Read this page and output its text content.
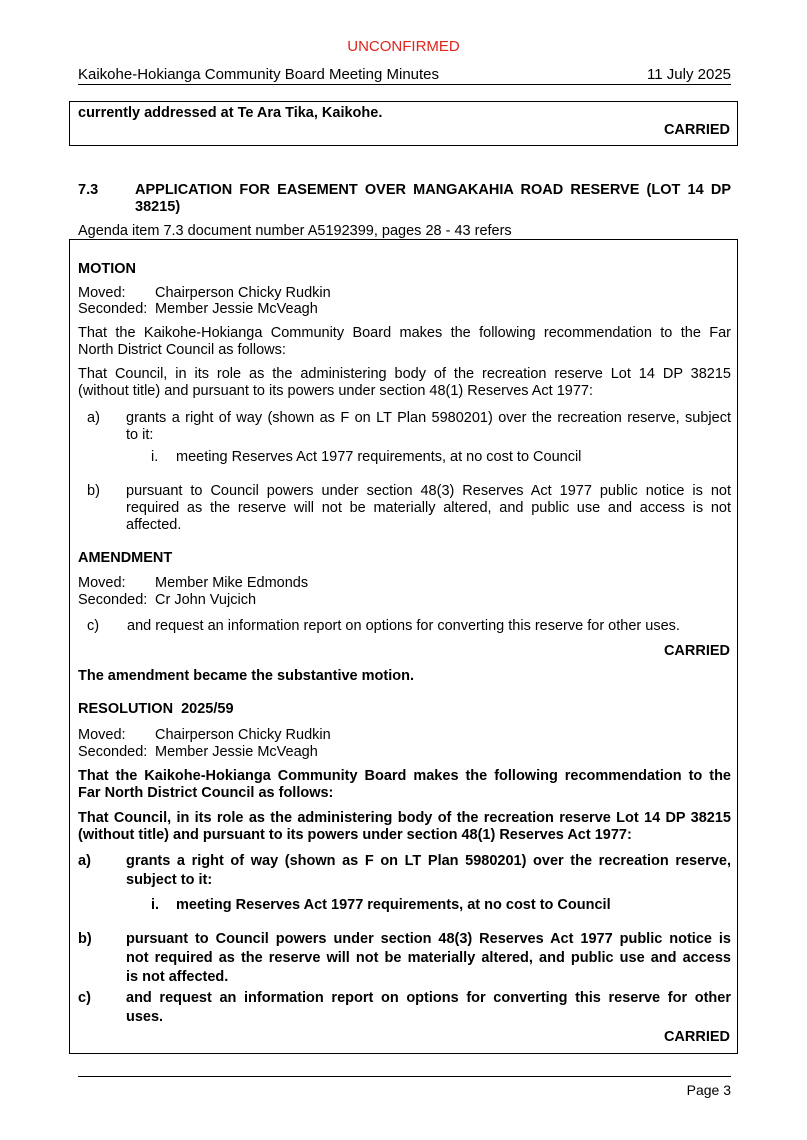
UNCONFIRMED
Kaikohe-Hokianga Community Board Meeting Minutes	11 July 2025
currently addressed at Te Ara Tika, Kaikohe.
CARRIED
7.3	APPLICATION FOR EASEMENT OVER MANGAKAHIA ROAD RESERVE (LOT 14 DP
38215)
Agenda item 7.3 document number A5192399, pages 28 - 43 refers
MOTION
Moved: Chairperson Chicky Rudkin
Seconded: Member Jessie McVeagh
That the Kaikohe-Hokianga Community Board makes the following recommendation to the Far
North District Council as follows:
That Council, in its role as the administering body of the recreation reserve Lot 14 DP 38215
(without title) and pursuant to its powers under section 48(1) Reserves Act 1977:
a) grants a right of way (shown as F on LT Plan 5980201) over the recreation reserve, subject
to it:
i. meeting Reserves Act 1977 requirements, at no cost to Council
b) pursuant to Council powers under section 48(3) Reserves Act 1977 public notice is not
required as the reserve will not be materially altered, and public use and access is not
affected.
AMENDMENT
Moved: Member Mike Edmonds
Seconded: Cr John Vujcich
c) and request an information report on options for converting this reserve for other uses.
CARRIED
The amendment became the substantive motion.
RESOLUTION  2025/59
Moved: Chairperson Chicky Rudkin
Seconded: Member Jessie McVeagh
That the Kaikohe-Hokianga Community Board makes the following recommendation to the
Far North District Council as follows:
That Council, in its role as the administering body of the recreation reserve Lot 14 DP 38215
(without title) and pursuant to its powers under section 48(1) Reserves Act 1977:
a) grants a right of way (shown as F on LT Plan 5980201) over the recreation reserve,
subject to it:
i. meeting Reserves Act 1977 requirements, at no cost to Council
b) pursuant to Council powers under section 48(3) Reserves Act 1977 public notice is
not required as the reserve will not be materially altered, and public use and access
is not affected.
c) and request an information report on options for converting this reserve for other
uses.
CARRIED
Page 3
